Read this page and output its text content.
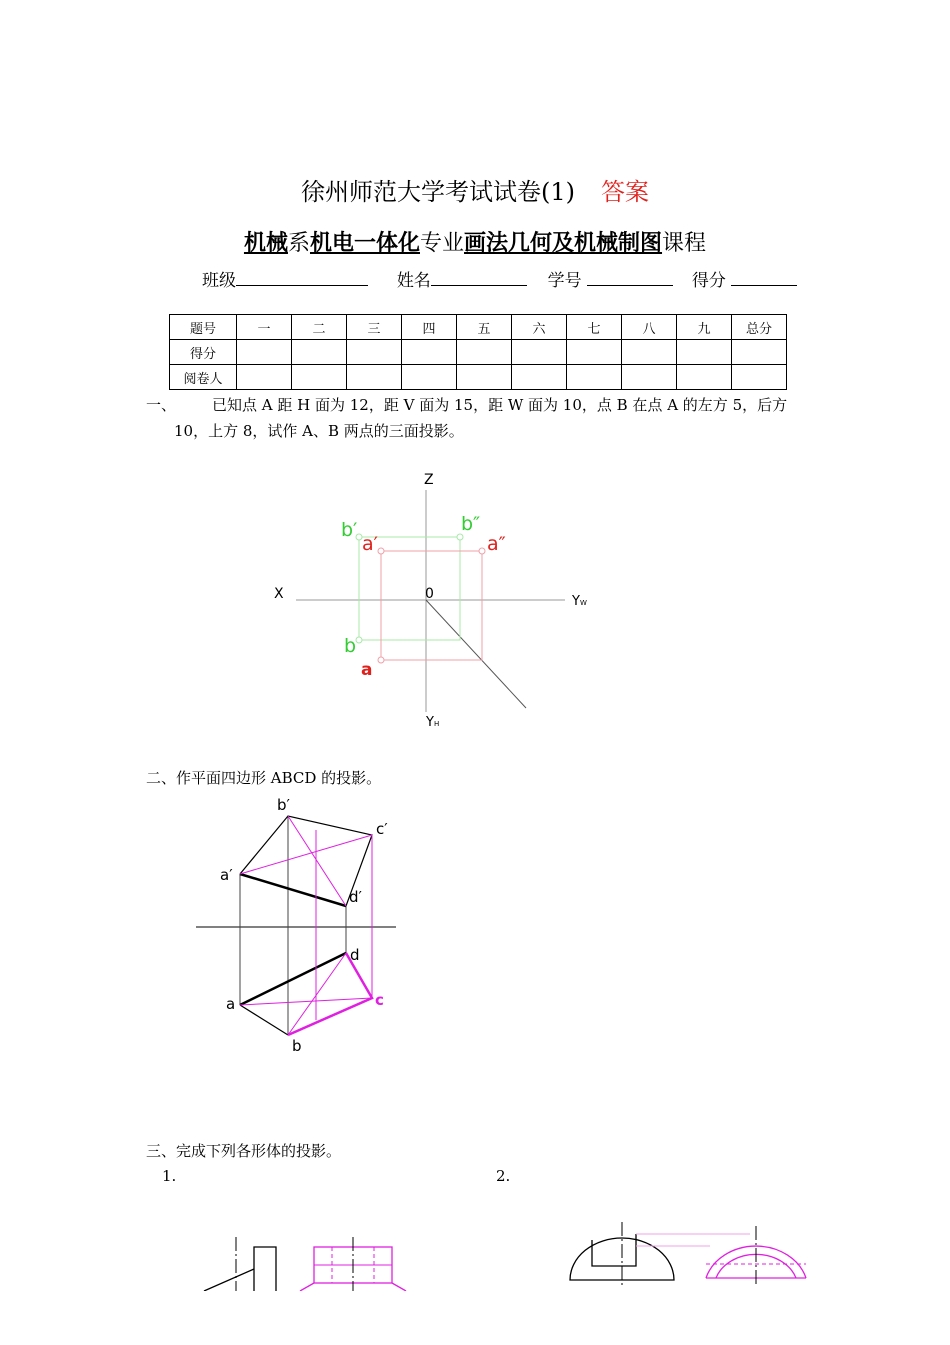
徐州师范大学考试试卷(1) 答案
机械系机电一体化专业画法几何及机械制图课程
班级	姓名	学号	得分
题号	一	二	三	四	五	六	七	八	九	总分
得分										
阅卷人										
一、 已知点 A 距 H 面为 12，距 V 面为 15，距 W 面为 10，点 B 在点 A 的左方 5，后方
10，上方 8，试作 A、B 两点的三面投影。
Z
X	0	YW
YH
b′	b″
a′	a″
b
a
二、作平面四边形 ABCD 的投影。
b′
c′
a′
d′
d
a	c
b
三、完成下列各形体的投影。
1.	2.
